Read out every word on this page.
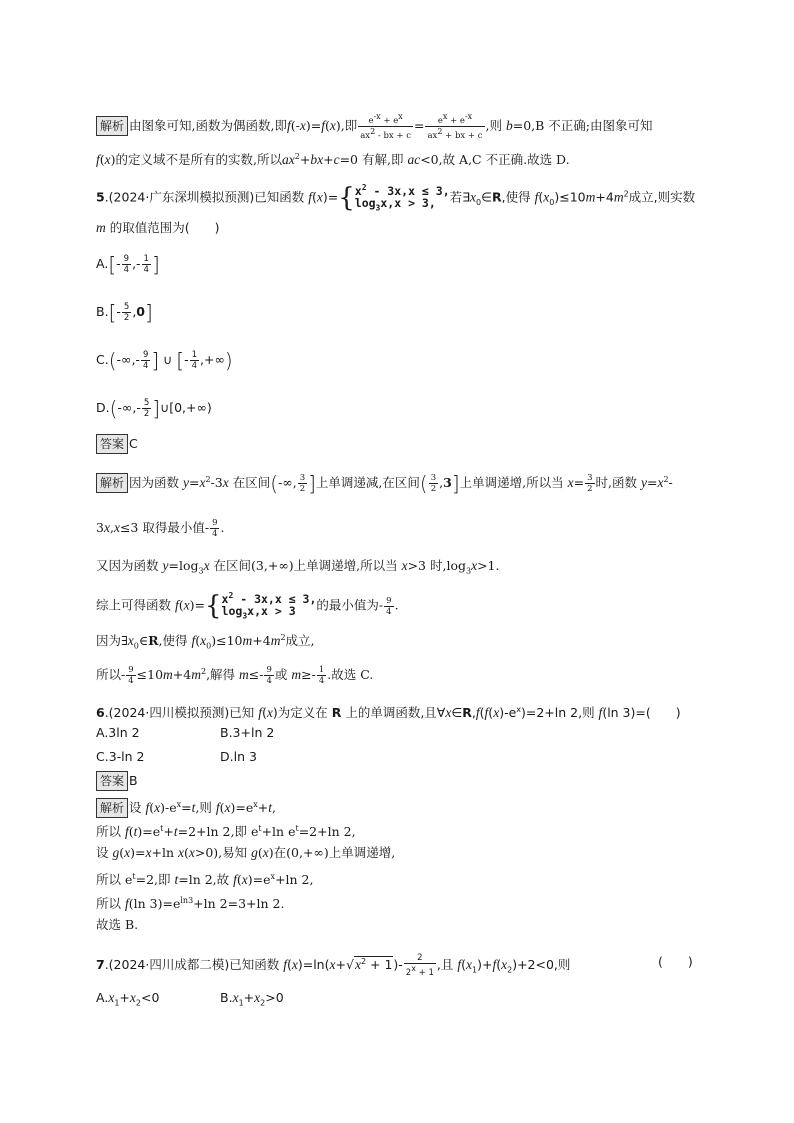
解析 由图象可知,函数为偶函数,即f(-x)=f(x),即 $\frac{e^{-x} + e^x}{ax^2 - bx + c} = \frac{e^x + e^{-x}}{ax^2 + bx + c}$ ,则 b=0,B 不正确;由图象可知
f(x)的定义域不是所有的实数,所以$ax^2+bx+c=0$ 有解,即 ac<0,故 A,C 不正确.故选 D.
5.(2024·广东深圳模拟预测)已知函数 $f(x)=\{x^2 - 3x,x \le 3$,
$\log_3x,x > 3$, 若$\exists x_0\in R$,使得 $f(x_0)\le 10m+4m^2$成立,则实数
m 的取值范围为(　　)
$A.[- \frac{9}{4}$ ,- $\frac{1}{4}$ ]
$B.[- \frac{5}{2} ,0]$
$C.(-\infty,- \frac{9}{4}$ ] ∪ [- $\frac{1}{4}$ ,+∞)
$D.(-\infty,- \frac{5}{2}$ ]∪[0,+∞)
答案 C
解析 因为函数 $y=x^2-3x$ 在区间(-∞, $\frac{3}{2}$ ]上单调递减,在区间( $\frac{3}{2} ,3$]上单调递增,所以当 $x= \frac{3}{2}$ 时,函数 $y=x^2-$
3x,x≤3 取得最小值- $\frac{9}{4}$ .
又因为函数 $y=\log_3x$ 在区间(3,+∞)上单调递增,所以当 x>3 时$,\log_3x>1$.
综上可得函数 $f(x)=\{x^2 - 3x,x \le 3$,
$\log_3x,x > 3$ 的最小值为- $\frac{9}{4}$ .
因为$\exists x_0\in R$,使得 $f(x_0)\le 10m+4m^2$成立,
所以- $\frac{9}{4} \le 10m+4m^2$,解得 $m\le- \frac{9}{4}$ 或 $m\ge- \frac{1}{4}$ .故选 C.
6.(2024·四川模拟预测)已知 f(x)为定义在 R 上的单调函数,且$\forall x\in R,f(f(x)-e^x)=2+\ln$ 2,则 f(ln 3)=(　　)
A.3ln 2	B.3+ln 2
C.3-ln 2	D.ln 3
答案 B
解析 设 $f(x)-e^x=t$,则 $f(x)=e^x+t$,
所以 $f(t)=e^t+t=2+\ln$ 2,即 $e^t+\ln$ $e^t=2+\ln$ 2,
设 g(x)=x+ln x(x>0),易知 g(x)在(0,+∞)上单调递增,
所以 $e^t=2$,即 t=ln 2,故 $f(x)=e^x+\ln$ 2,
所以 f(ln $3)=e^{ln3}+\ln$ 2=3+ln 2.
故选 B.
7.(2024·四川成都二模)已知函数 $f(x)=\ln(x+√x^2 + 1)- \frac{2}{2^x + 1}$ ,且 $f(x_1)+f(x_2)+2<0$,则	(　　)
$A.x_1+x_2<0$	$B.x_1+x_2>0$
